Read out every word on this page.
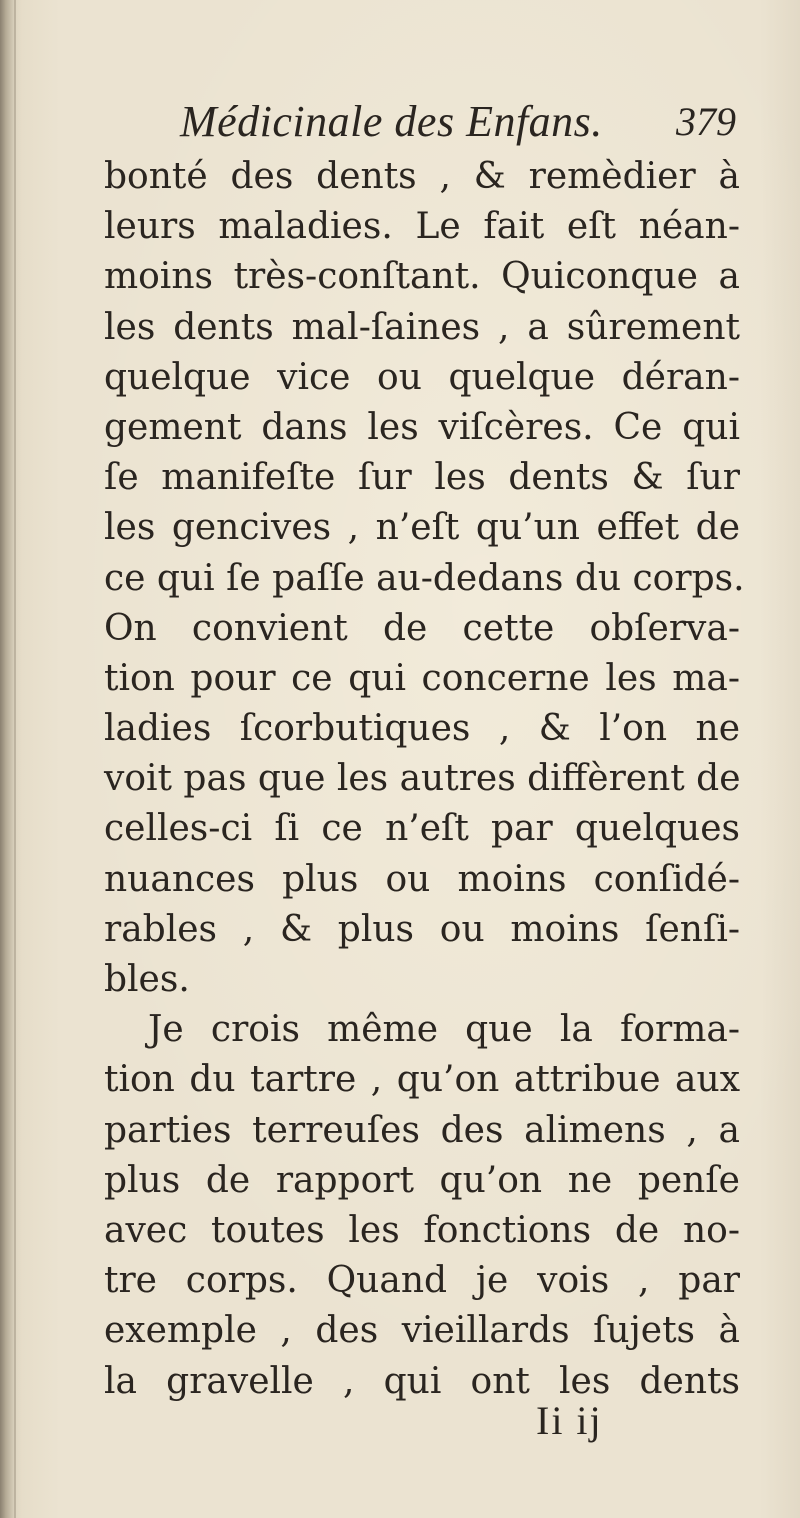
Médicinale des Enfans. 379
bonté des dents , & remèdier à
leurs maladies. Le fait eſt néan-
moins très-conſtant. Quiconque a
les dents mal-ſaines , a sûrement
quelque vice ou quelque déran-
gement dans les viſcères. Ce qui
ſe manifeſte ſur les dents & ſur
les gencives , n’eſt qu’un effet de
ce qui ſe paſſe au-dedans du corps.
On convient de cette obſerva-
tion pour ce qui concerne les ma-
ladies ſcorbutiques , & l’on ne
voit pas que les autres diffèrent de
celles-ci ſi ce n’eſt par quelques
nuances plus ou moins conſidé-
rables , & plus ou moins ſenſi-
bles.
Je crois même que la forma-
tion du tartre , qu’on attribue aux
parties terreuſes des alimens , a
plus de rapport qu’on ne penſe
avec toutes les fonctions de no-
tre corps. Quand je vois , par
exemple , des vieillards ſujets à
la gravelle , qui ont les dents
Ii ij
